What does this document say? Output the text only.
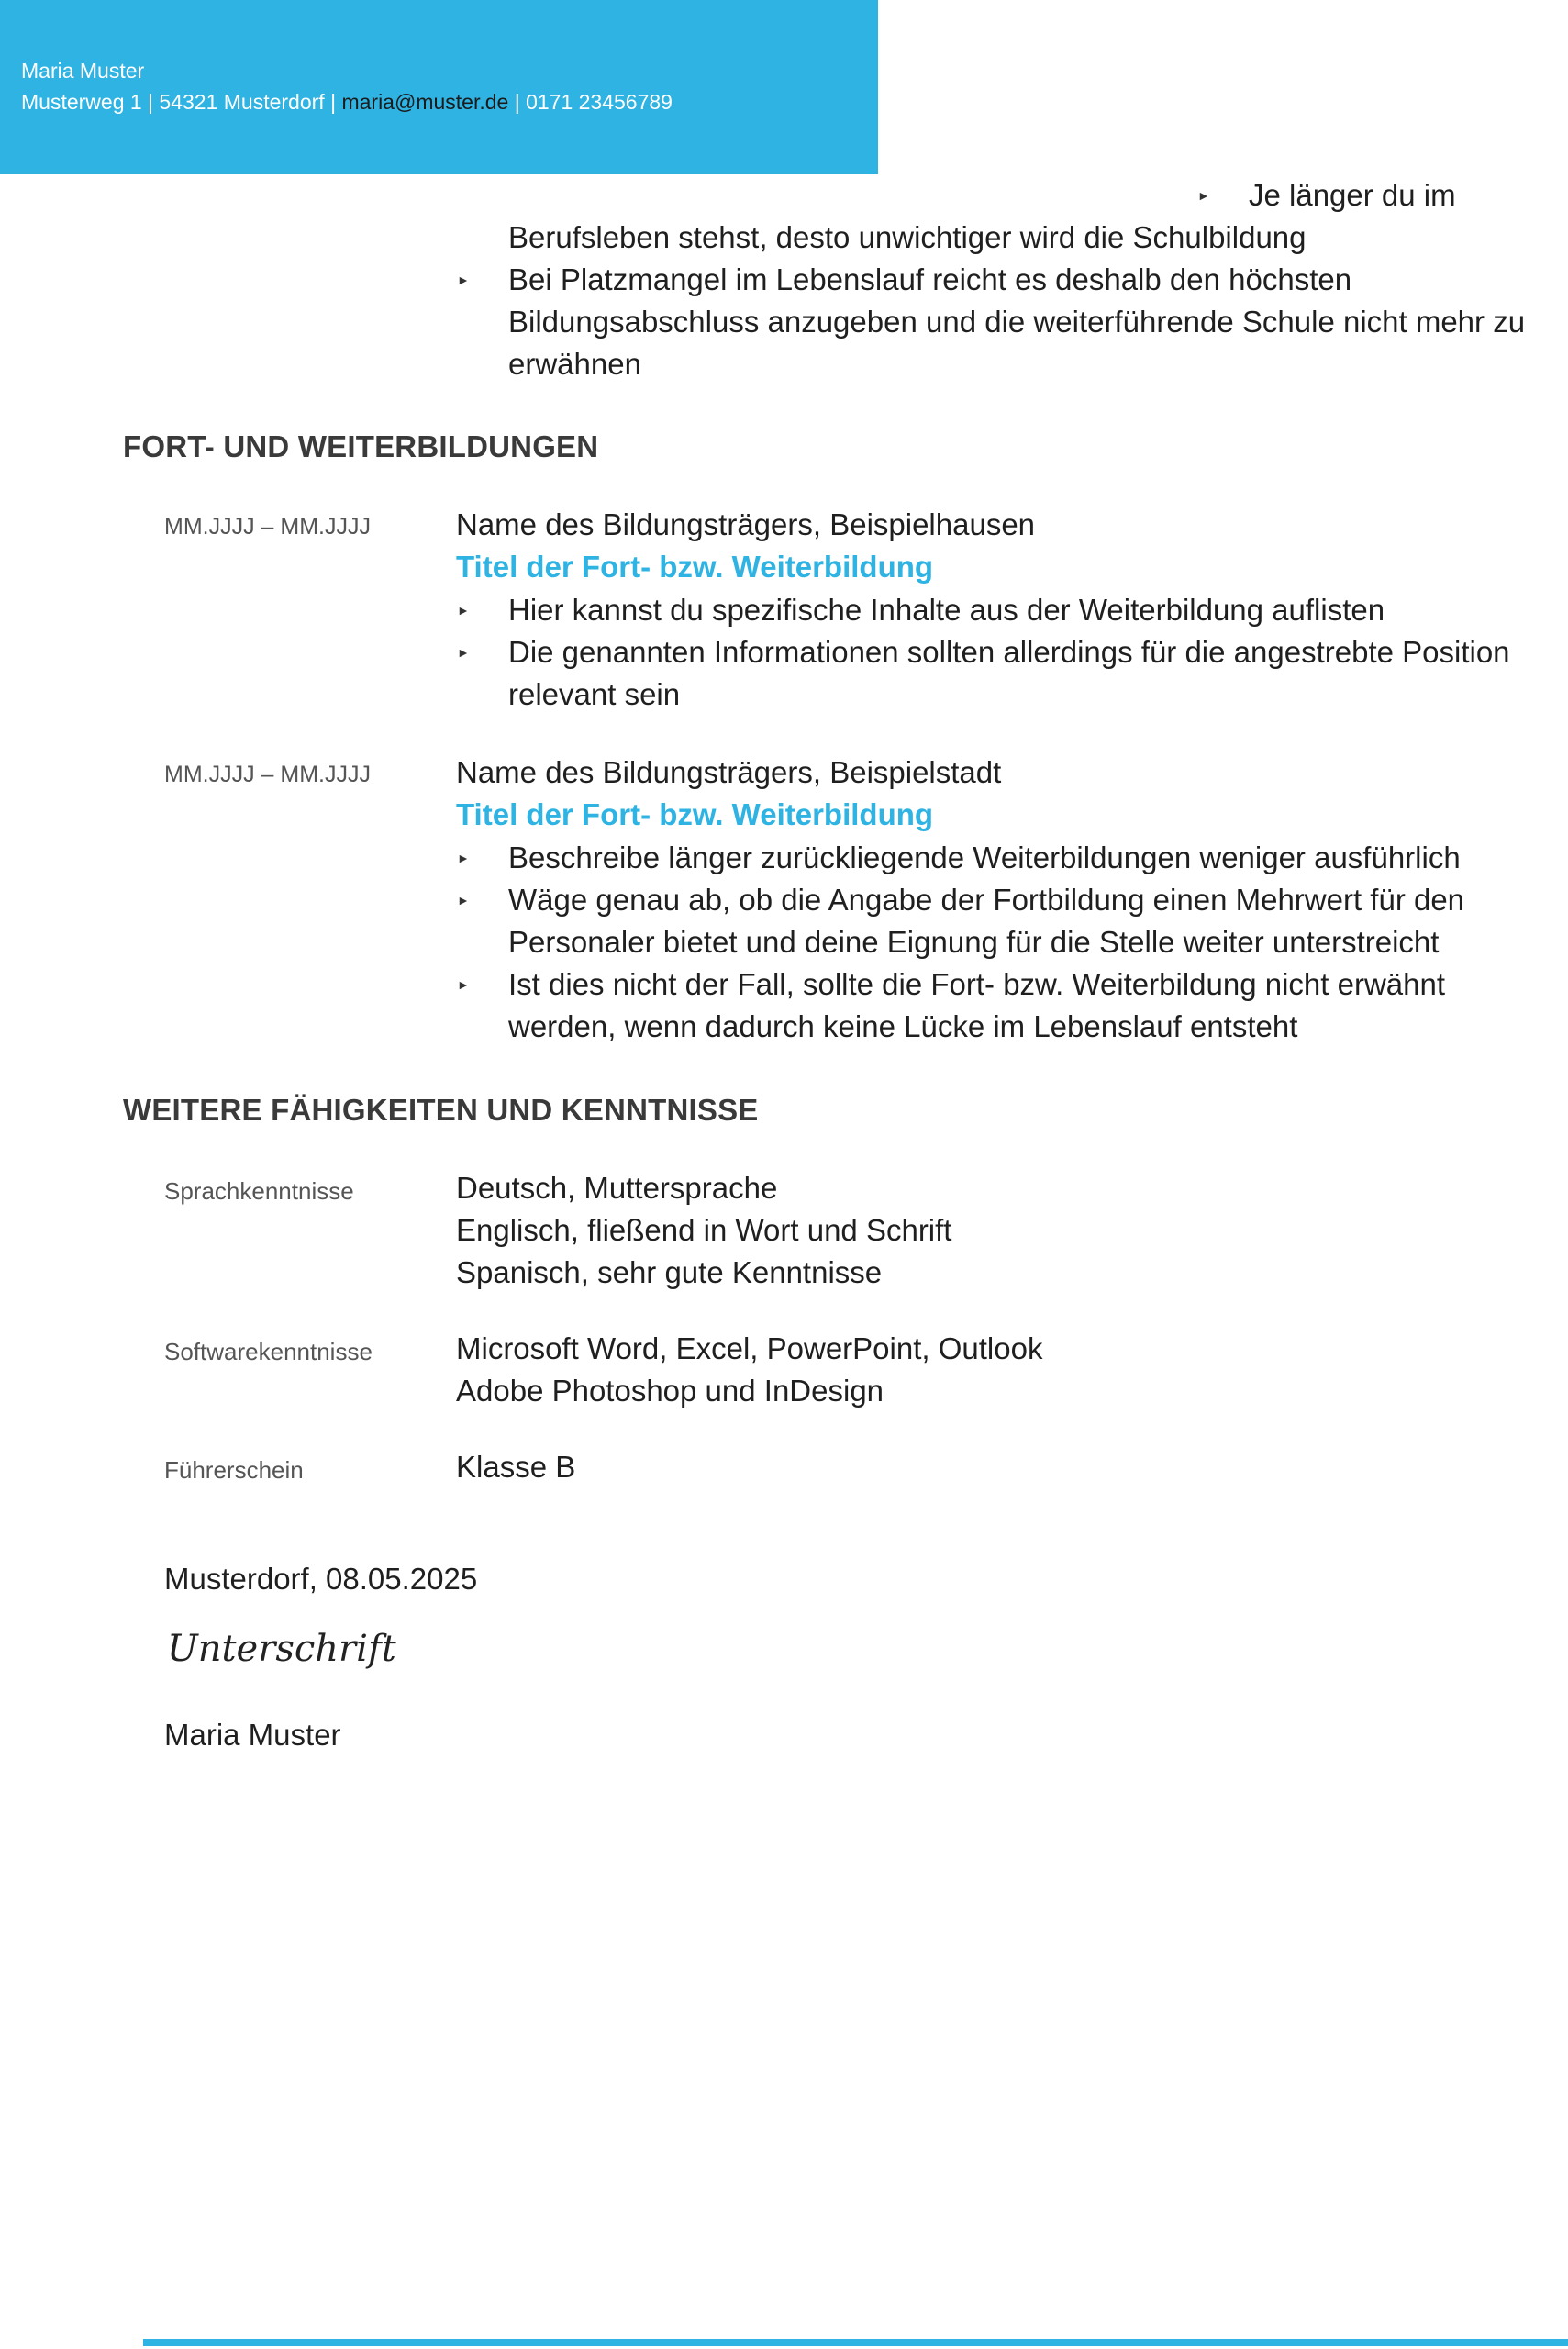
Maria Muster
Musterweg 1 | 54321 Musterdorf | maria@muster.de | 0171 23456789
► Je länger du im
Berufsleben stehst, desto unwichtiger wird die Schulbildung
► Bei Platzmangel im Lebenslauf reicht es deshalb den höchsten
Bildungsabschluss anzugeben und die weiterführende Schule nicht mehr zu
erwähnen
FORT- UND WEITERBILDUNGEN
MM.JJJJ – MM.JJJJ	Name des Bildungsträgers, Beispielhausen
Titel der Fort- bzw. Weiterbildung
► Hier kannst du spezifische Inhalte aus der Weiterbildung auflisten
► Die genannten Informationen sollten allerdings für die angestrebte Position
relevant sein
MM.JJJJ – MM.JJJJ	Name des Bildungsträgers, Beispielstadt
Titel der Fort- bzw. Weiterbildung
► Beschreibe länger zurückliegende Weiterbildungen weniger ausführlich
► Wäge genau ab, ob die Angabe der Fortbildung einen Mehrwert für den
Personaler bietet und deine Eignung für die Stelle weiter unterstreicht
► Ist dies nicht der Fall, sollte die Fort- bzw. Weiterbildung nicht erwähnt
werden, wenn dadurch keine Lücke im Lebenslauf entsteht
WEITERE FÄHIGKEITEN UND KENNTNISSE
Sprachkenntnisse	Deutsch, Muttersprache
Englisch, fließend in Wort und Schrift
Spanisch, sehr gute Kenntnisse
Softwarekenntnisse	Microsoft Word, Excel, PowerPoint, Outlook
Adobe Photoshop und InDesign
Führerschein	Klasse B
Musterdorf, 08.05.2025
Unterschrift
Maria Muster
